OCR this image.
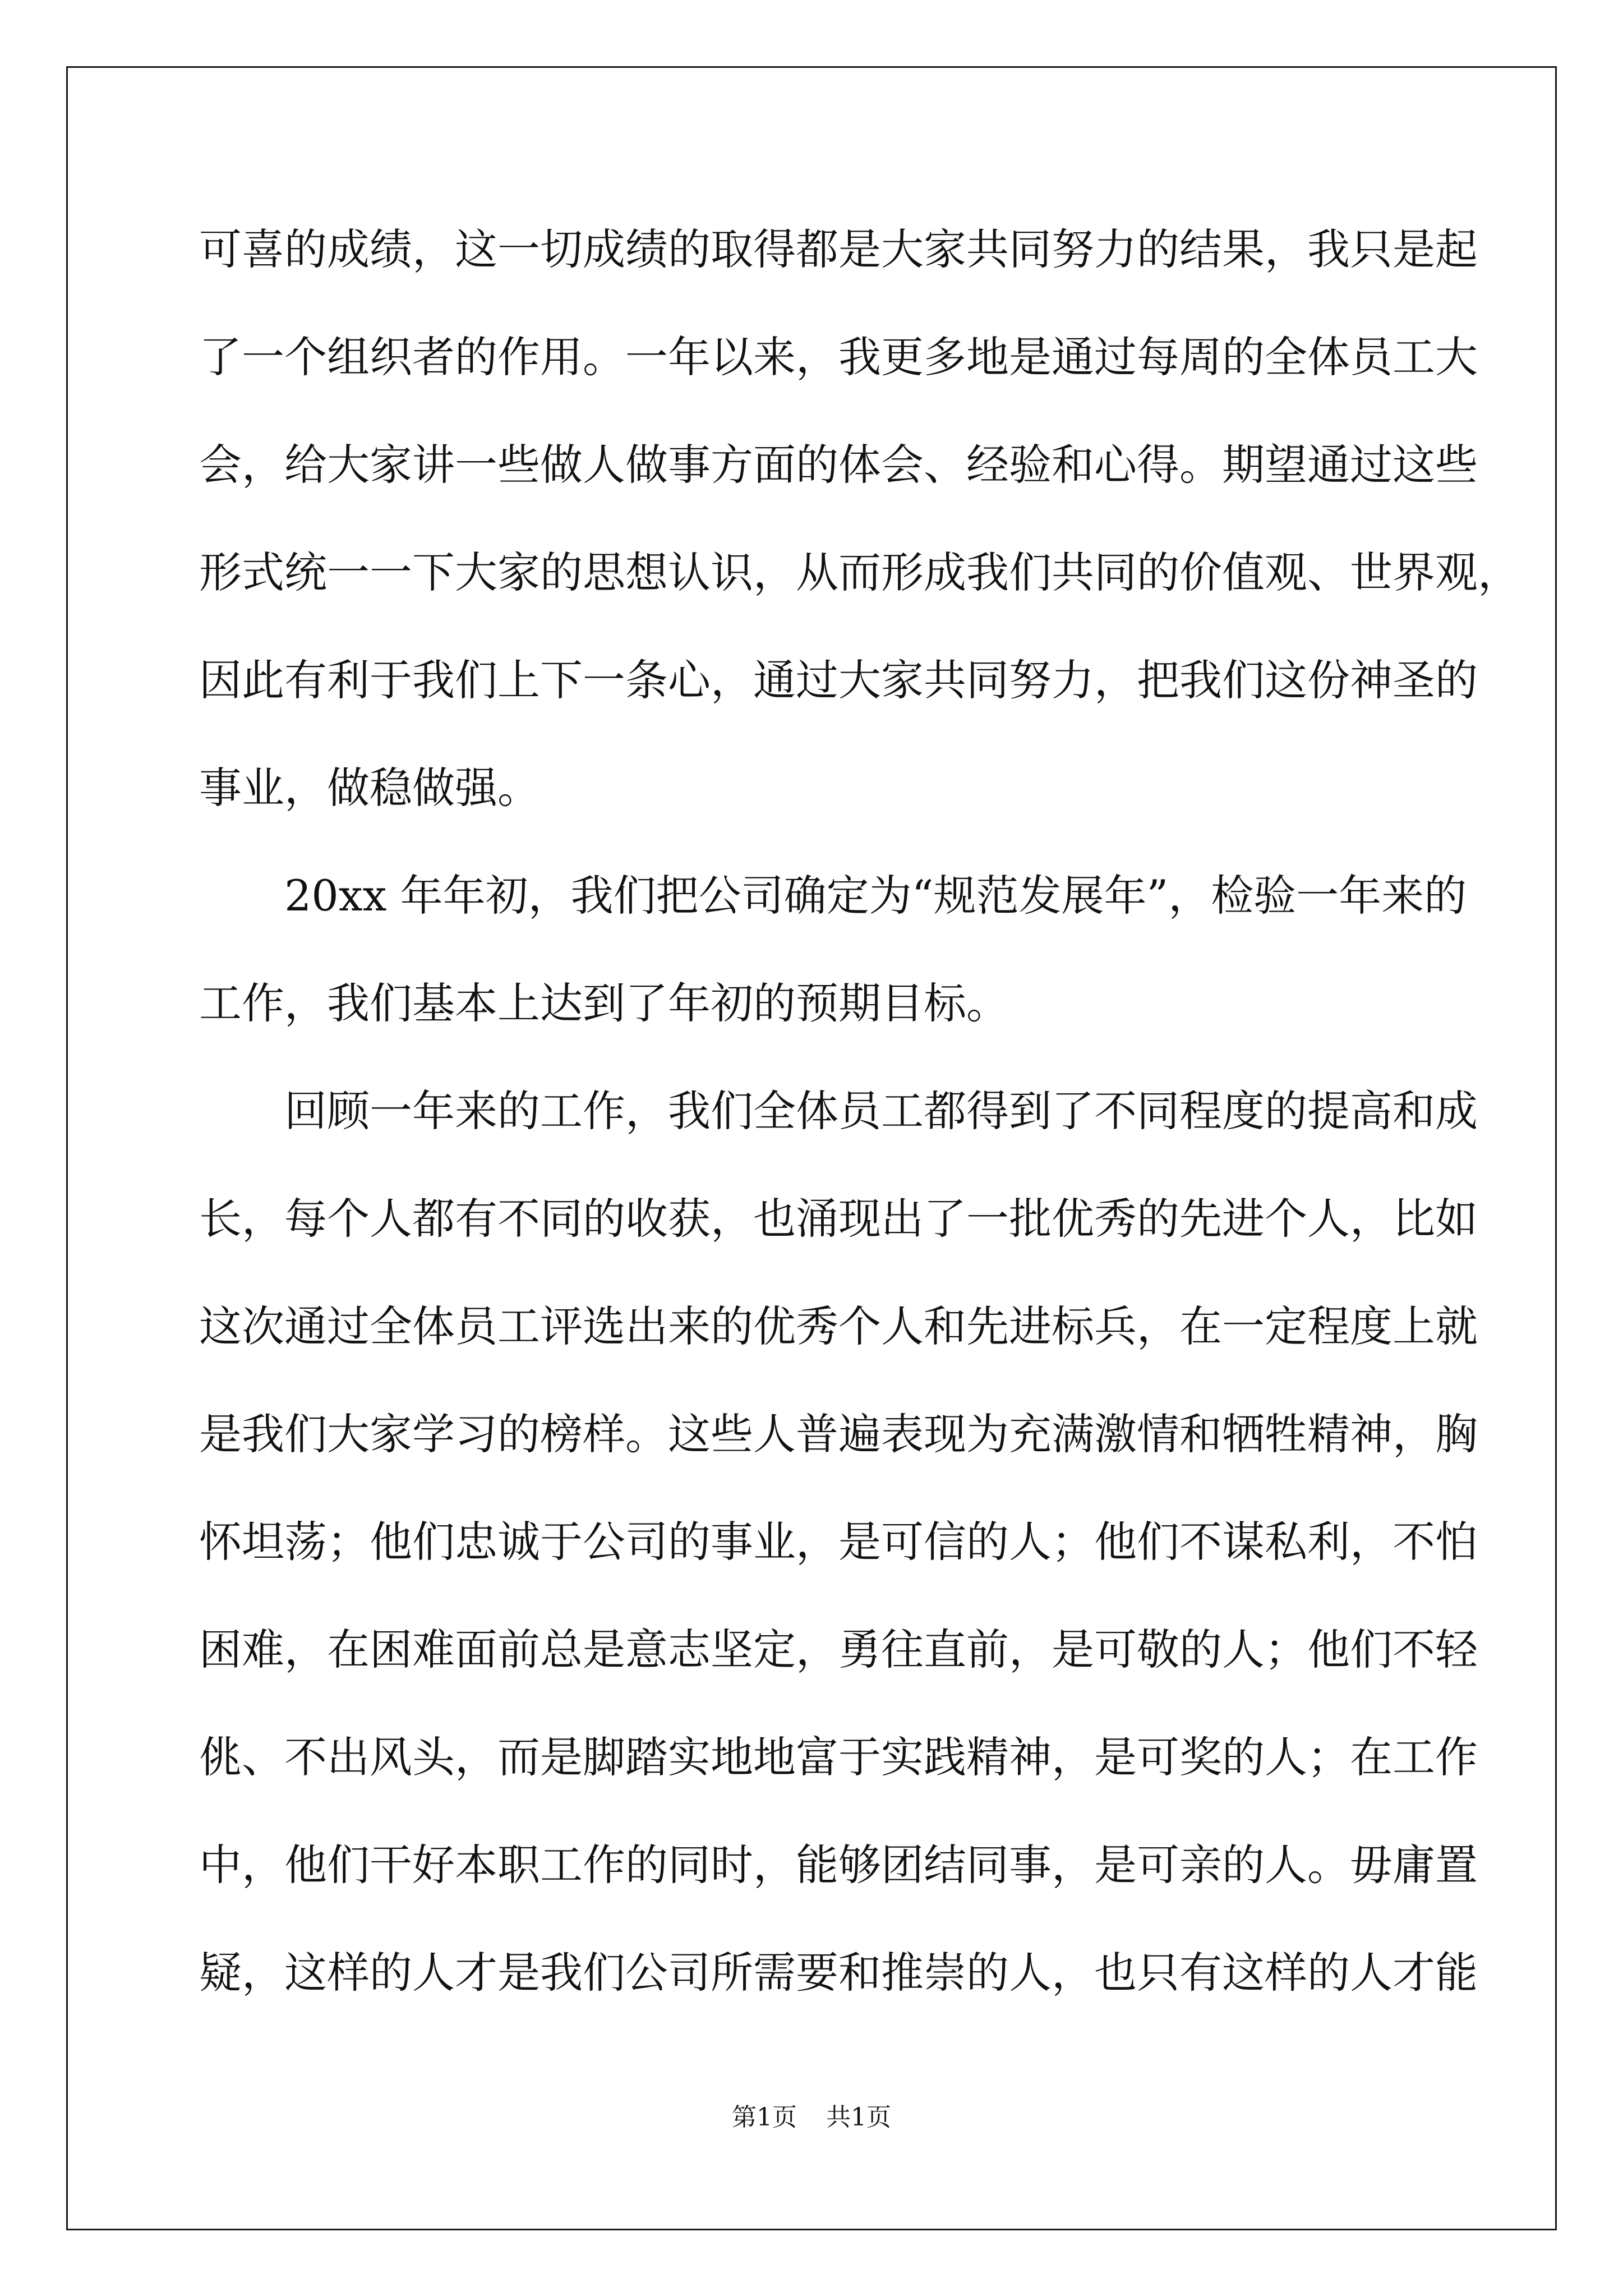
可喜的成绩，这一切成绩的取得都是大家共同努力的结果，我只是起
了一个组织者的作用。一年以来，我更多地是通过每周的全体员工大
会，给大家讲一些做人做事方面的体会、经验和心得。期望通过这些
形式统一一下大家的思想认识，从而形成我们共同的价值观、世界观，
因此有利于我们上下一条心，通过大家共同努力，把我们这份神圣的
事业，做稳做强。
20xx 年年初，我们把公司确定为“规范发展年”，检验一年来的
工作，我们基本上达到了年初的预期目标。
回顾一年来的工作，我们全体员工都得到了不同程度的提高和成
长，每个人都有不同的收获，也涌现出了一批优秀的先进个人，比如
这次通过全体员工评选出来的优秀个人和先进标兵，在一定程度上就
是我们大家学习的榜样。这些人普遍表现为充满激情和牺牲精神，胸
怀坦荡；他们忠诚于公司的事业，是可信的人；他们不谋私利，不怕
困难，在困难面前总是意志坚定，勇往直前，是可敬的人；他们不轻
佻、不出风头，而是脚踏实地地富于实践精神，是可奖的人；在工作
中，他们干好本职工作的同时，能够团结同事，是可亲的人。毋庸置
疑，这样的人才是我们公司所需要和推崇的人，也只有这样的人才能
第1页 共1页
